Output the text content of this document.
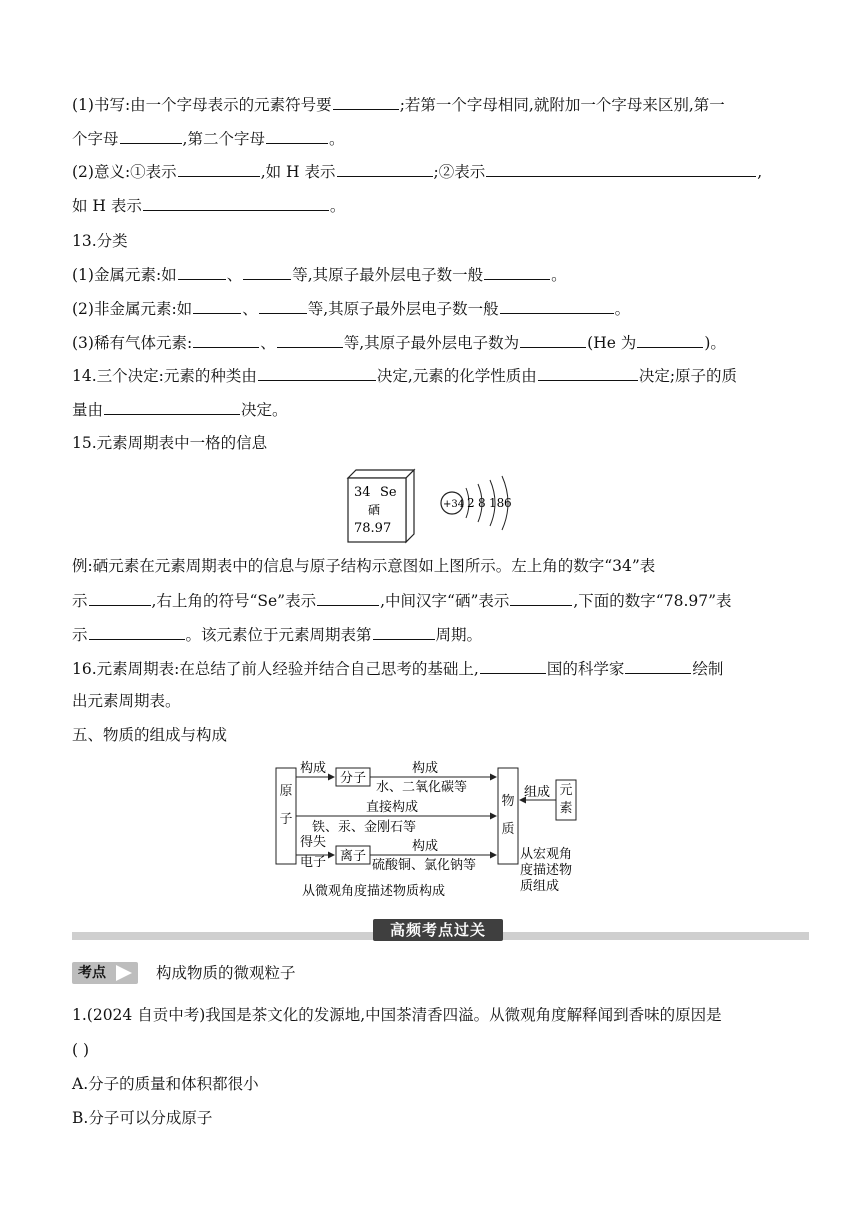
(1)书写:由一个字母表示的元素符号要	;若第一个字母相同,就附加一个字母来区别,第一
个字母	,第二个字母	。
(2)意义:①表示	,如 H 表示	;②表示	,
如 H 表示	。
13.分类
(1)金属元素:如	、	等,其原子最外层电子数一般	。
(2)非金属元素:如	、	等,其原子最外层电子数一般	。
(3)稀有气体元素:	、	等,其原子最外层电子数为	(He 为	)。
14.三个决定:元素的种类由	决定,元素的化学性质由	决定;原子的质
量由	决定。
15.元素周期表中一格的信息
34 Se
硒
78.97
+34 2 8 18 6
例:硒元素在元素周期表中的信息与原子结构示意图如上图所示。左上角的数字“34”表
示	,右上角的符号“Se”表示	,中间汉字“硒”表示	,下面的数字“78.97”表
示	。该元素位于元素周期表第	周期。
16.元素周期表:在总结了前人经验并结合自己思考的基础上,	国的科学家	绘制
出元素周期表。
五、物质的组成与构成
构成
分子
构成
水、二氧化碳等
直接构成
铁、汞、金刚石等
得失
电子 离子
构成
硫酸铜、氯化钠等
组成
从宏观角
度描述物
质组成
从微观角度描述物质构成
原
子
物
质
元
素
高频考点过关
考点	构成物质的微观粒子
1.(2024 自贡中考)我国是茶文化的发源地,中国茶清香四溢。从微观角度解释闻到香味的原因是
( )
A.分子的质量和体积都很小
B.分子可以分成原子
